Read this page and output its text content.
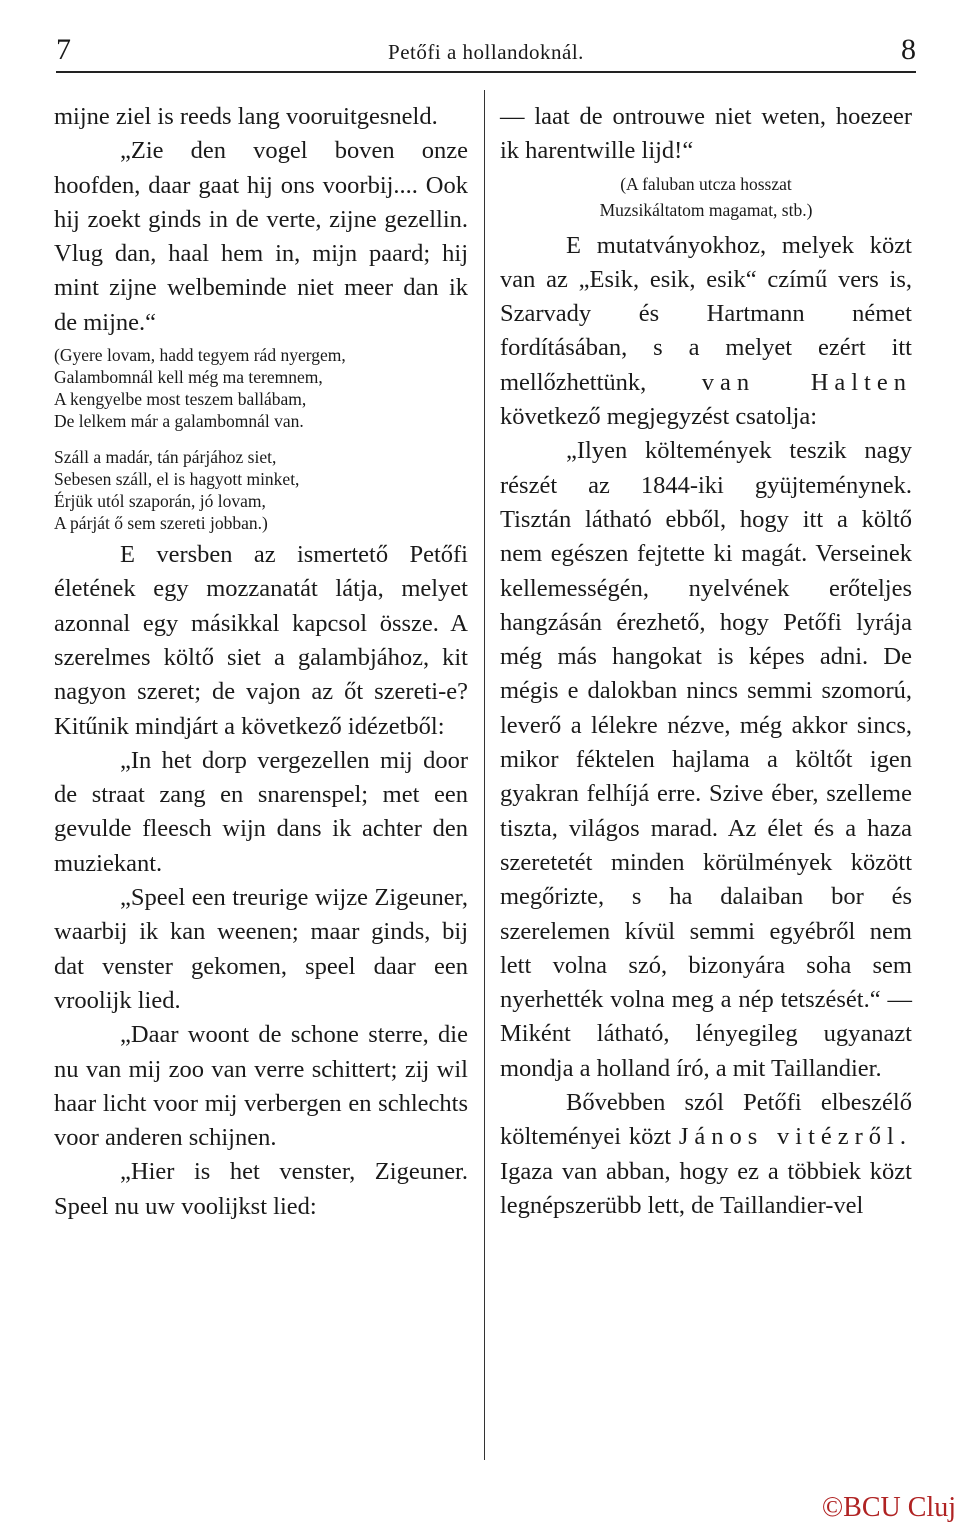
7	Petőfi a hollandoknál.	8

mijne ziel is reeds lang vooruitgesneld.

„Zie den vogel boven onze hoofden, daar gaat hij ons voorbij.... Ook hij zoekt ginds in de verte, zijne gezellin. Vlug dan, haal hem in, mijn paard; hij mint zijne welbeminde niet meer dan ik de mijne.“

(Gyere lovam, hadd tegyem rád nyergem,
Galambomnál kell még ma teremnem,
A kengyelbe most teszem ballábam,
De lelkem már a galambomnál van.
Száll a madár, tán párjához siet,
Sebesen száll, el is hagyott minket,
Érjük utól szaporán, jó lovam,
A párját ő sem szereti jobban.)

E versben az ismertető Petőfi életének egy mozzanatát látja, melyet azonnal egy másikkal kapcsol össze. A szerelmes költő siet a galambjához, kit nagyon szeret; de vajon az őt szereti-e? Kitűnik mindjárt a következő idézetből:

„In het dorp vergezellen mij door de straat zang en snarenspel; met een gevulde fleesch wijn dans ik achter den muziekant.

„Speel een treurige wijze Zigeuner, waarbij ik kan weenen; maar ginds, bij dat venster gekomen, speel daar een vroolijk lied.

„Daar woont de schone sterre, die nu van mij zoo van verre schittert; zij wil haar licht voor mij verbergen en schlechts voor anderen schijnen.

„Hier is het venster, Zigeuner. Speel nu uw voolijkst lied:

— laat de ontrouwe niet weten, hoezeer ik harentwille lijd!“

(A faluban utcza hosszat
Muzsikáltatom magamat, stb.)

E mutatványokhoz, melyek közt van az „Esik, esik, esik“ czímű vers is, Szarvady és Hartmann német fordításában, s a melyet ezért itt mellőzhettünk, van Halten következő megjegyzést csatolja:

„Ilyen költemények teszik nagy részét az 1844-iki gyüjteménynek. Tisztán látható ebből, hogy itt a költő nem egészen fejtette ki magát. Verseinek kellemességén, nyelvének erőteljes hangzásán érezhető, hogy Petőfi lyrája még más hangokat is képes adni. De mégis e dalokban nincs semmi szomorú, leverő a lélekre nézve, még akkor sincs, mikor féktelen hajlama a költőt igen gyakran felhíjá erre. Szive éber, szelleme tiszta, világos marad. Az élet és a haza szeretetét minden körülmények között megőrizte, s ha dalaiban bor és szerelemen kívül semmi egyébről nem lett volna szó, bizonyára soha sem nyerhették volna meg a nép tetszését.“ — Miként látható, lényegileg ugyanazt mondja a holland író, a mit Taillandier.

Bővebben szól Petőfi elbeszélő költeményei közt János vitézről. Igaza van abban, hogy ez a többiek közt legnépszerübb lett, de Taillandier-vel

©BCU Cluj
